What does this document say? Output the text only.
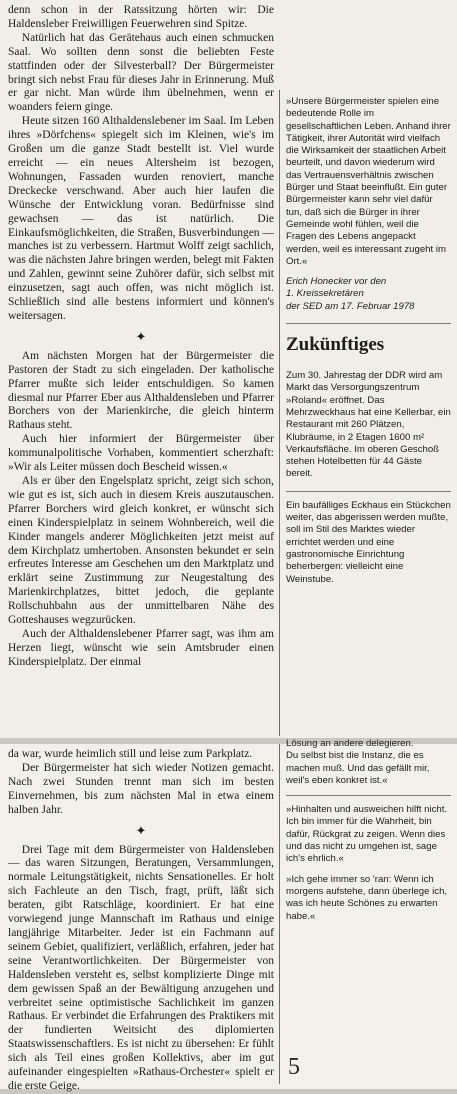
denn schon in der Ratssitzung hörten wir: Die Haldensleber Freiwilligen Feuerwehren sind Spitze.

Natürlich hat das Gerätehaus auch einen schmucken Saal. Wo sollten denn sonst die beliebten Feste stattfinden oder der Silvesterball? Der Bürgermeister bringt sich nebst Frau für dieses Jahr in Erinnerung. Muß er gar nicht. Man würde ihm übelnehmen, wenn er woanders feiern ginge.

Heute sitzen 160 Althaldenslebener im Saal. Im Leben ihres »Dörfchens« spiegelt sich im Kleinen, wie's im Großen um die ganze Stadt bestellt ist. Viel wurde erreicht — ein neues Altersheim ist bezogen, Wohnungen, Fassaden wurden renoviert, manche Dreckecke verschwand. Aber auch hier laufen die Wünsche der Entwicklung voran. Bedürfnisse sind gewachsen — das ist natürlich. Die Einkaufsmöglichkeiten, die Straßen, Busverbindungen — manches ist zu verbessern. Hartmut Wolff zeigt sachlich, was die nächsten Jahre bringen werden, belegt mit Fakten und Zahlen, gewinnt seine Zuhörer dafür, sich selbst mit einzusetzen, sagt auch offen, was nicht möglich ist. Schließlich sind alle bestens informiert und können's weitersagen.

✦

Am nächsten Morgen hat der Bürgermeister die Pastoren der Stadt zu sich eingeladen. Der katholische Pfarrer mußte sich leider entschuldigen. So kamen diesmal nur Pfarrer Eber aus Althaldensleben und Pfarrer Borchers von der Marienkirche, die gleich hinterm Rathaus steht.

Auch hier informiert der Bürgermeister über kommunalpolitische Vorhaben, kommentiert scherzhaft: »Wir als Leiter müssen doch Bescheid wissen.«

Als er über den Engelsplatz spricht, zeigt sich schon, wie gut es ist, sich auch in diesem Kreis auszutauschen. Pfarrer Borchers wird gleich konkret, er wünscht sich einen Kinderspielplatz in seinem Wohnbereich, weil die Kinder mangels anderer Möglichkeiten jetzt meist auf dem Kirchplatz umhertoben. Ansonsten bekundet er sein erfreutes Interesse am Geschehen um den Marktplatz und erklärt seine Zustimmung zur Neugestaltung des Marienkirchplatzes, bittet jedoch, die geplante Rollschuhbahn aus der unmittelbaren Nähe des Gotteshauses wegzurücken.

Auch der Althaldenslebener Pfarrer sagt, was ihm am Herzen liegt, wünscht wie sein Amtsbruder einen Kinderspielplatz. Der einmal

»Unsere Bürgermeister spielen eine bedeutende Rolle im gesellschaftlichen Leben. Anhand ihrer Tätigkeit, ihrer Autorität wird vielfach die Wirksamkeit der staatlichen Arbeit beurteilt, und davon wiederum wird das Vertrauensverhältnis zwischen Bürger und Staat beeinflußt. Ein guter Bürgermeister kann sehr viel dafür tun, daß sich die Bürger in ihrer Gemeinde wohl fühlen, weil die Fragen des Lebens angepackt werden, weil es interessant zugeht im Ort.«

Erich Honecker vor den
1. Kreissekretären
der SED am 17. Februar 1978
Zukünftiges
Zum 30. Jahrestag der DDR wird am Markt das Versorgungszentrum »Roland« eröffnet. Das Mehrzweckhaus hat eine Kellerbar, ein Restaurant mit 260 Plätzen, Klubräume, in 2 Etagen 1600 m² Verkaufsfläche. Im oberen Geschoß stehen Hotelbetten für 44 Gäste bereit.
Ein baufälliges Eckhaus ein Stückchen weiter, das abgerissen werden mußte, soll im Stil des Marktes wieder errichtet werden und eine gastronomische Einrichtung beherbergen: vielleicht eine Weinstube.

da war, wurde heimlich still und leise zum Parkplatz.

Der Bürgermeister hat sich wieder Notizen gemacht. Nach zwei Stunden trennt man sich im besten Einvernehmen, bis zum nächsten Mal in etwa einem halben Jahr.

✦

Drei Tage mit dem Bürgermeister von Haldensleben — das waren Sitzungen, Beratungen, Versammlungen, normale Leitungstätigkeit, nichts Sensationelles. Er holt sich Fachleute an den Tisch, fragt, prüft, läßt sich beraten, gibt Ratschläge, koordiniert. Er hat eine vorwiegend junge Mannschaft im Rathaus und einige langjährige Mitarbeiter. Jeder ist ein Fachmann auf seinem Gebiet, qualifiziert, verläßlich, erfahren, jeder hat seine Verantwortlichkeiten. Der Bürgermeister von Haldensleben versteht es, selbst komplizierte Dinge mit dem gewissen Spaß an der Bewältigung anzugehen und verbreitet seine optimistische Sachlichkeit im ganzen Rathaus. Er verbindet die Erfahrungen des Praktikers mit der fundierten Weitsicht des diplomierten Staatswissenschaftlers. Es ist nicht zu übersehen: Er fühlt sich als Teil eines großen Kollektivs, aber im gut aufeinander eingespielten »Rathaus-Orchester« spielt er die erste Geige.

Lösung an andere delegieren.

Du selbst bist die Instanz, die es machen muß. Und das gefällt mir, weil's eben konkret ist.«

»Hinhalten und ausweichen hilft nicht. Ich bin immer für die Wahrheit, bin dafür, Rückgrat zu zeigen. Wenn dies und das nicht zu umgehen ist, sage ich's ehrlich.«

»Ich gehe immer so 'ran: Wenn ich morgens aufstehe, dann überlege ich, was ich heute Schönes zu erwarten habe.«

5
